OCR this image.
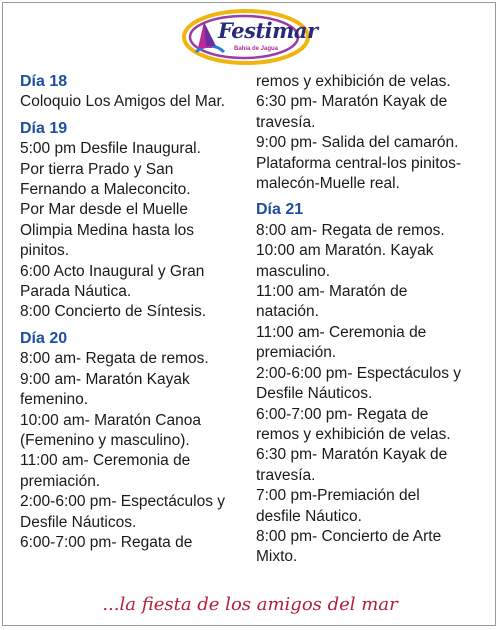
Festimar
Bahía de Jagua
Día 18
Coloquio Los Amigos del Mar.
Día 19
5:00 pm Desfile Inaugural.
Por tierra Prado y San
Fernando a Maleconcito.
Por Mar desde el Muelle
Olimpia Medina hasta los
pinitos.
6:00 Acto Inaugural y Gran
Parada Náutica.
8:00 Concierto de Síntesis.
Día 20
8:00 am- Regata de remos.
9:00 am- Maratón Kayak
femenino.
10:00 am- Maratón Canoa
(Femenino y masculino).
11:00 am- Ceremonia de
premiación.
2:00-6:00 pm- Espectáculos y
Desfile Náuticos.
6:00-7:00 pm- Regata de
remos y exhibición de velas.
6:30 pm- Maratón Kayak de
travesía.
9:00 pm- Salida del camarón.
Plataforma central-los pinitos-
malecón-Muelle real.
Día 21
8:00 am- Regata de remos.
10:00 am Maratón. Kayak
masculino.
11:00 am- Maratón de
natación.
11:00 am- Ceremonia de
premiación.
2:00-6:00 pm- Espectáculos y
Desfile Náuticos.
6:00-7:00 pm- Regata de
remos y exhibición de velas.
6:30 pm- Maratón Kayak de
travesía.
7:00 pm-Premiación del
desfile Náutico.
8:00 pm- Concierto de Arte
Mixto.
...la fiesta de los amigos del mar
